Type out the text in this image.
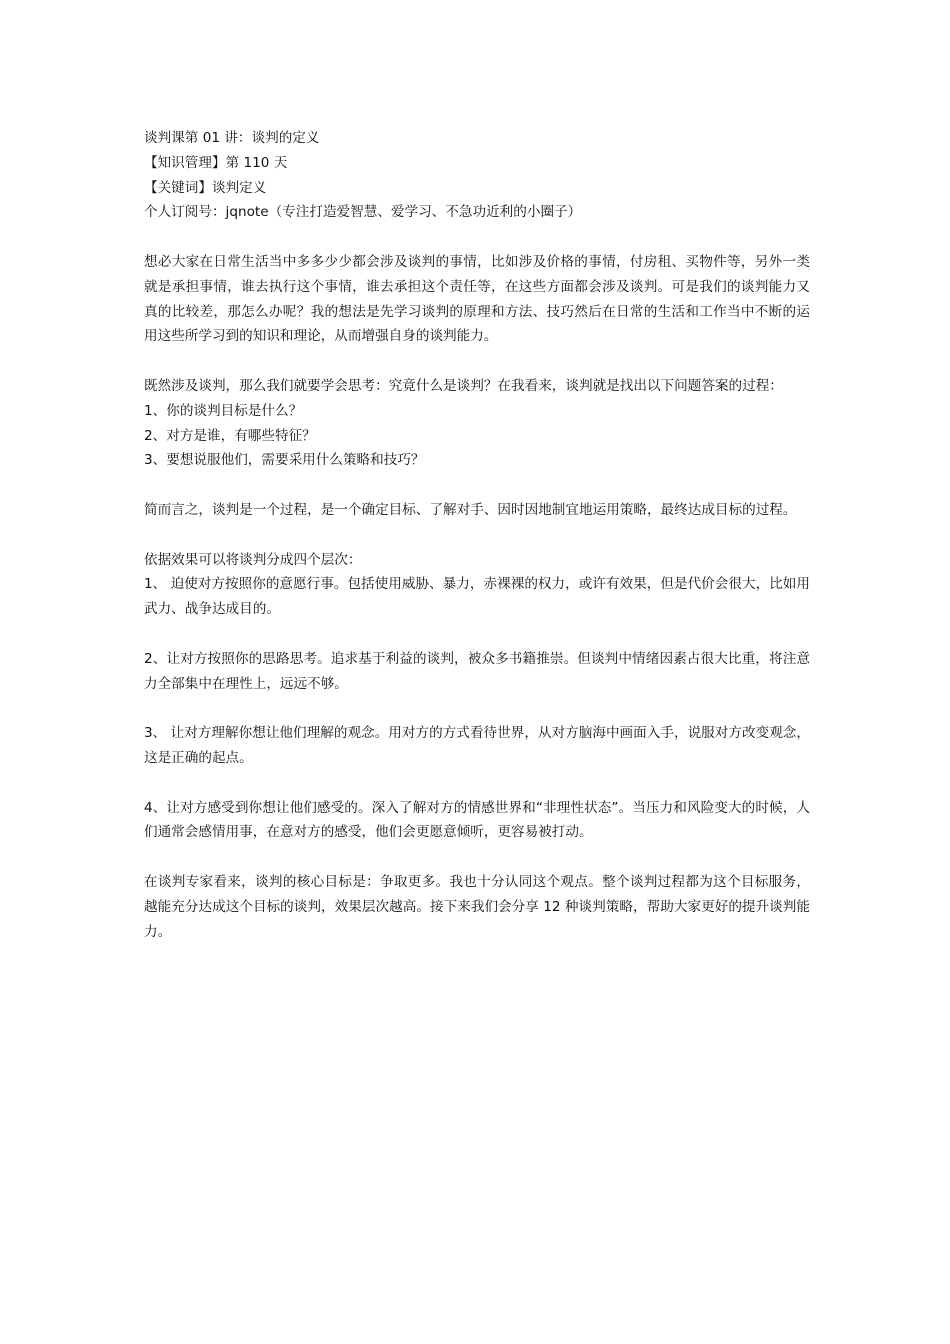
谈判课第 01 讲：谈判的定义
【知识管理】第 110 天
【关键词】谈判定义
个人订阅号：jqnote（专注打造爱智慧、爱学习、不急功近利的小圈子）
想必大家在日常生活当中多多少少都会涉及谈判的事情，比如涉及价格的事情，付房租、买物件等，另外一类就是承担事情，谁去执行这个事情，谁去承担这个责任等，在这些方面都会涉及谈判。可是我们的谈判能力又真的比较差，那怎么办呢？我的想法是先学习谈判的原理和方法、技巧然后在日常的生活和工作当中不断的运用这些所学习到的知识和理论，从而增强自身的谈判能力。
既然涉及谈判，那么我们就要学会思考：究竟什么是谈判？在我看来，谈判就是找出以下问题答案的过程：
1、你的谈判目标是什么？
2、对方是谁，有哪些特征？
3、要想说服他们，需要采用什么策略和技巧？
简而言之，谈判是一个过程，是一个确定目标、了解对手、因时因地制宜地运用策略，最终达成目标的过程。
依据效果可以将谈判分成四个层次：
1、 迫使对方按照你的意愿行事。包括使用威胁、暴力，赤裸裸的权力，或许有效果，但是代价会很大，比如用武力、战争达成目的。
2、让对方按照你的思路思考。追求基于利益的谈判，被众多书籍推崇。但谈判中情绪因素占很大比重，将注意力全部集中在理性上，远远不够。
3、 让对方理解你想让他们理解的观念。用对方的方式看待世界，从对方脑海中画面入手，说服对方改变观念，这是正确的起点。
4、让对方感受到你想让他们感受的。深入了解对方的情感世界和“非理性状态”。当压力和风险变大的时候，人们通常会感情用事，在意对方的感受，他们会更愿意倾听，更容易被打动。
在谈判专家看来，谈判的核心目标是：争取更多。我也十分认同这个观点。整个谈判过程都为这个目标服务，越能充分达成这个目标的谈判，效果层次越高。接下来我们会分享 12 种谈判策略，帮助大家更好的提升谈判能力。
